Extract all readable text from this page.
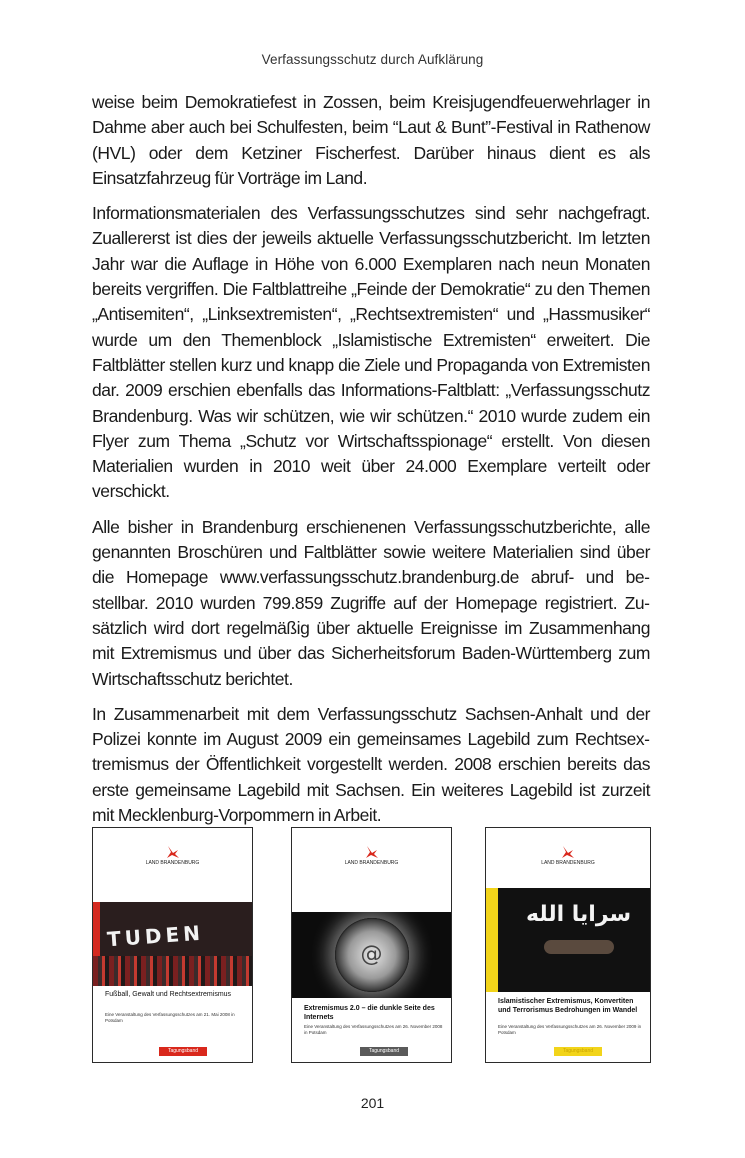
Verfassungsschutz durch Aufklärung

weise beim Demokratiefest in Zossen, beim Kreisjugendfeuerwehrlager in Dahme aber auch bei Schulfesten, beim “Laut & Bunt”-Festival in Rathenow (HVL) oder dem Ketziner Fischerfest. Darüber hinaus dient es als Einsatzfahrzeug für Vorträge im Land.

Informationsmaterialen des Verfassungsschutzes sind sehr nachgefragt. Zuallererst ist dies der jeweils aktuelle Verfassungsschutzbericht. Im letzten Jahr war die Auflage in Höhe von 6.000 Exemplaren nach neun Monaten bereits vergriffen. Die Faltblattreihe „Feinde der Demokratie“ zu den Themen „Antisemiten“, „Linksextremisten“, „Rechtsextremisten“ und „Hassmusiker“ wurde um den Themenblock „Islamistische Extremisten“ erweitert. Die Faltblätter stellen kurz und knapp die Ziele und Propaganda von Extremisten dar. 2009 erschien ebenfalls das Informations-Faltblatt: „Verfassungsschutz Brandenburg. Was wir schützen, wie wir schützen.“ 2010 wurde zudem ein Flyer zum Thema „Schutz vor Wirtschaftsspionage“ erstellt. Von diesen Materialien wurden in 2010 weit über 24.000 Exemplare verteilt oder verschickt.

Alle bisher in Brandenburg erschienenen Verfassungsschutzberichte, alle genannten Broschüren und Faltblätter sowie weitere Materialien sind über die Homepage www.verfassungsschutz.brandenburg.de abruf- und bestellbar. 2010 wurden 799.859 Zugriffe auf der Homepage registriert. Zusätzlich wird dort regelmäßig über aktuelle Ereignisse im Zusammenhang mit Extremismus und über das Sicherheitsforum Baden-Württemberg zum Wirtschaftsschutz berichtet.

In Zusammenarbeit mit dem Verfassungsschutz Sachsen-Anhalt und der Polizei konnte im August 2009 ein gemeinsames Lagebild zum Rechtsextremismus der Öffentlichkeit vorgestellt werden. 2008 erschien bereits das erste gemeinsame Lagebild mit Sachsen. Ein weiteres Lagebild ist zurzeit mit Mecklenburg-Vorpommern in Arbeit.

LAND BRANDENBURG
TUDEN
Fußball, Gewalt und Rechtsextremismus
Eine Veranstaltung des Verfassungsschutzes am 21. Mai 2008 in Potsdam
Tagungsband
LAND BRANDENBURG
@
Extremismus 2.0 – die dunkle Seite des Internets
Eine Veranstaltung des Verfassungsschutzes am 26. November 2008 in Potsdam
Tagungsband
LAND BRANDENBURG
سرايا الله
Islamistischer Extremismus, Konvertiten und Terrorismus Bedrohungen im Wandel
Eine Veranstaltung des Verfassungsschutzes am 26. November 2009 in Potsdam
Tagungsband
201
